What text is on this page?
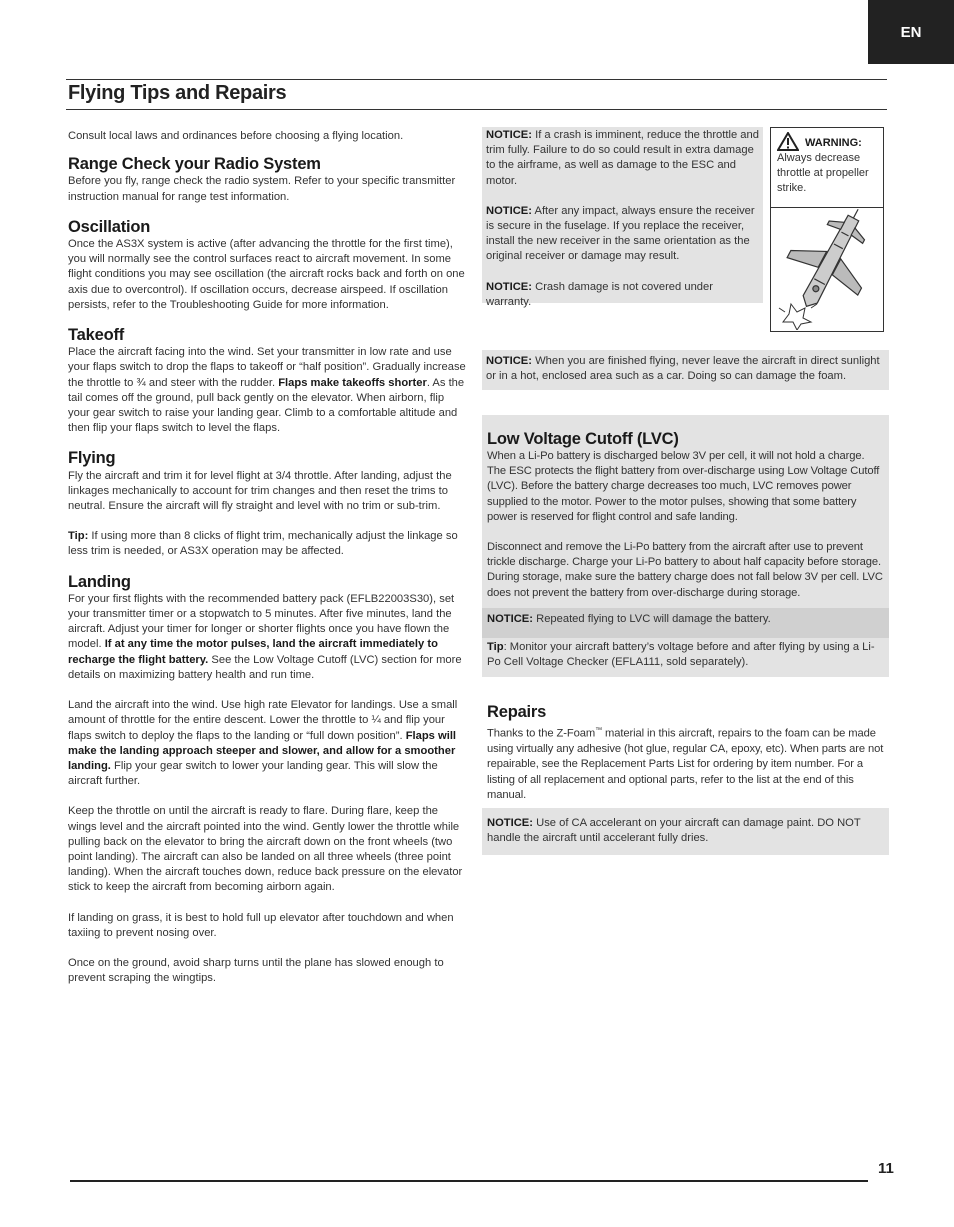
EN
Flying Tips and Repairs

Consult local laws and ordinances before choosing a flying location.

Range Check your Radio System

Before you fly, range check the radio system. Refer to your specific transmitter instruction manual for range test information.

Oscillation

Once the AS3X system is active (after advancing the throttle for the first time), you will normally see the control surfaces react to aircraft movement. In some flight conditions you may see oscillation (the aircraft rocks back and forth on one axis due to overcontrol). If oscillation occurs, decrease airspeed. If oscillation persists, refer to the Troubleshooting Guide for more information.

Takeoff

Place the aircraft facing into the wind. Set your transmitter in low rate and use your flaps switch to drop the flaps to takeoff or “half position”. Gradually increase the throttle to ¾ and steer with the rudder. Flaps make takeoffs shorter. As the tail comes off the ground, pull back gently on the elevator. When airborn, flip your gear switch to raise your landing gear. Climb to a comfortable altitude and then flip your flaps switch to level the flaps.

Flying

Fly the aircraft and trim it for level flight at 3/4 throttle. After landing, adjust the linkages mechanically to account for trim changes and then reset the trims to neutral. Ensure the aircraft will fly straight and level with no trim or sub-trim.

Tip: If using more than 8 clicks of flight trim, mechanically adjust the linkage so less trim is needed, or AS3X operation may be affected.

Landing

For your first flights with the recommended battery pack (EFLB22003S30), set your transmitter timer or a stopwatch to 5 minutes. After five minutes, land the aircraft. Adjust your timer for longer or shorter flights once you have flown the model. If at any time the motor pulses, land the aircraft immediately to recharge the flight battery. See the Low Voltage Cutoff (LVC) section for more details on maximizing battery health and run time.

Land the aircraft into the wind. Use high rate Elevator for landings. Use a small amount of throttle for the entire descent. Lower the throttle to ¼ and flip your flaps switch to deploy the flaps to the landing or “full down position”. Flaps will make the landing approach steeper and slower, and allow for a smoother landing. Flip your gear switch to lower your landing gear. This will slow the aircraft further.

Keep the throttle on until the aircraft is ready to flare. During flare, keep the wings level and the aircraft pointed into the wind. Gently lower the throttle while pulling back on the elevator to bring the aircraft down on the front wheels (two point landing). The aircraft can also be landed on all three wheels (three point landing). When the aircraft touches down, reduce back pressure on the elevator stick to keep the aircraft from becoming airborn again.

If landing on grass, it is best to hold full up elevator after touchdown and when taxiing to prevent nosing over.

Once on the ground, avoid sharp turns until the plane has slowed enough to prevent scraping the wingtips.

NOTICE: If a crash is imminent, reduce the throttle and trim fully. Failure to do so could result in extra damage to the airframe, as well as damage to the ESC and motor.

NOTICE: After any impact, always ensure the receiver is secure in the fuselage. If you replace the receiver, install the new receiver in the same orientation as the original receiver or damage may result.

NOTICE: Crash damage is not covered under warranty.

WARNING:
Always decrease throttle at propeller strike.

NOTICE: When you are finished flying, never leave the aircraft in direct sunlight or in a hot, enclosed area such as a car. Doing so can damage the foam.

Low Voltage Cutoff (LVC)

When a Li-Po battery is discharged below 3V per cell, it will not hold a charge. The ESC protects the flight battery from over-discharge using Low Voltage Cutoff (LVC). Before the battery charge decreases too much, LVC removes power supplied to the motor. Power to the motor pulses, showing that some battery power is reserved for flight control and safe landing.

Disconnect and remove the Li-Po battery from the aircraft after use to prevent trickle discharge. Charge your Li-Po battery to about half capacity before storage. During storage, make sure the battery charge does not fall below 3V per cell. LVC does not prevent the battery from over-discharge during storage.

NOTICE: Repeated flying to LVC will damage the battery.

Tip: Monitor your aircraft battery’s voltage before and after flying by using a Li-Po Cell Voltage Checker (EFLA111, sold separately).

Repairs

Thanks to the Z-Foam™ material in this aircraft, repairs to the foam can be made using virtually any adhesive (hot glue, regular CA, epoxy, etc). When parts are not repairable, see the Replacement Parts List for ordering by item number. For a listing of all replacement and optional parts, refer to the list at the end of this manual.

NOTICE: Use of CA accelerant on your aircraft can damage paint. DO NOT handle the aircraft until accelerant fully dries.

11
